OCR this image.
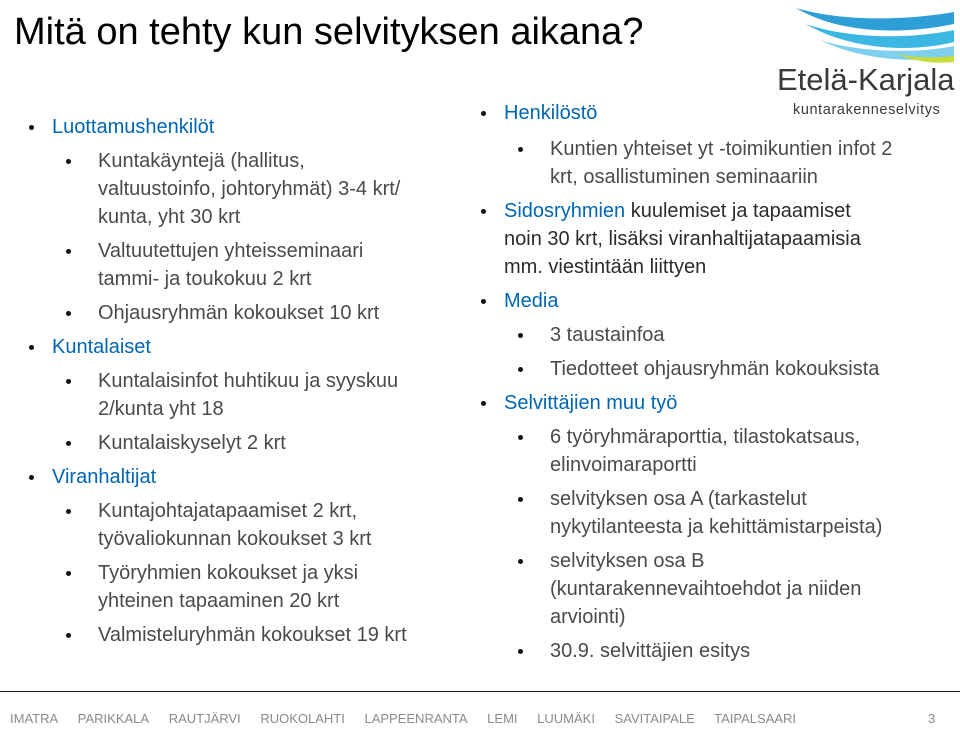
Mitä on tehty kun selvityksen aikana?
Etelä-Karjala
kuntarakenneselvitys
Luottamushenkilöt
Kuntakäyntejä (hallitus,
valtuustoinfo, johtoryhmät) 3-4 krt/
kunta, yht 30 krt
Valtuutettujen yhteisseminaari
tammi- ja toukokuu 2 krt
Ohjausryhmän kokoukset 10 krt
Kuntalaiset
Kuntalaisinfot huhtikuu ja syyskuu
2/kunta yht 18
Kuntalaiskyselyt 2 krt
Viranhaltijat
Kuntajohtajatapaamiset 2 krt,
työvaliokunnan kokoukset 3 krt
Työryhmien kokoukset ja yksi
yhteinen tapaaminen 20 krt
Valmisteluryhmän kokoukset 19 krt
Henkilöstö
Kuntien yhteiset yt -toimikuntien infot 2
krt, osallistuminen seminaariin
Sidosryhmien kuulemiset ja tapaamiset
noin 30 krt, lisäksi viranhaltijatapaamisia
mm. viestintään liittyen
Media
3 taustainfoa
Tiedotteet ohjausryhmän kokouksista
Selvittäjien muu työ
6 työryhmäraporttia, tilastokatsaus,
elinvoimaraportti
selvityksen osa A (tarkastelut
nykytilanteesta ja kehittämistarpeista)
selvityksen osa B
(kuntarakennevaihtoehdot ja niiden
arviointi)
30.9. selvittäjien esitys
IMATRA PARIKKALA RAUTJÄRVI RUOKOLAHTI LAPPEENRANTA LEMI LUUMÄKI SAVITAIPALE TAIPALSAARI	3
